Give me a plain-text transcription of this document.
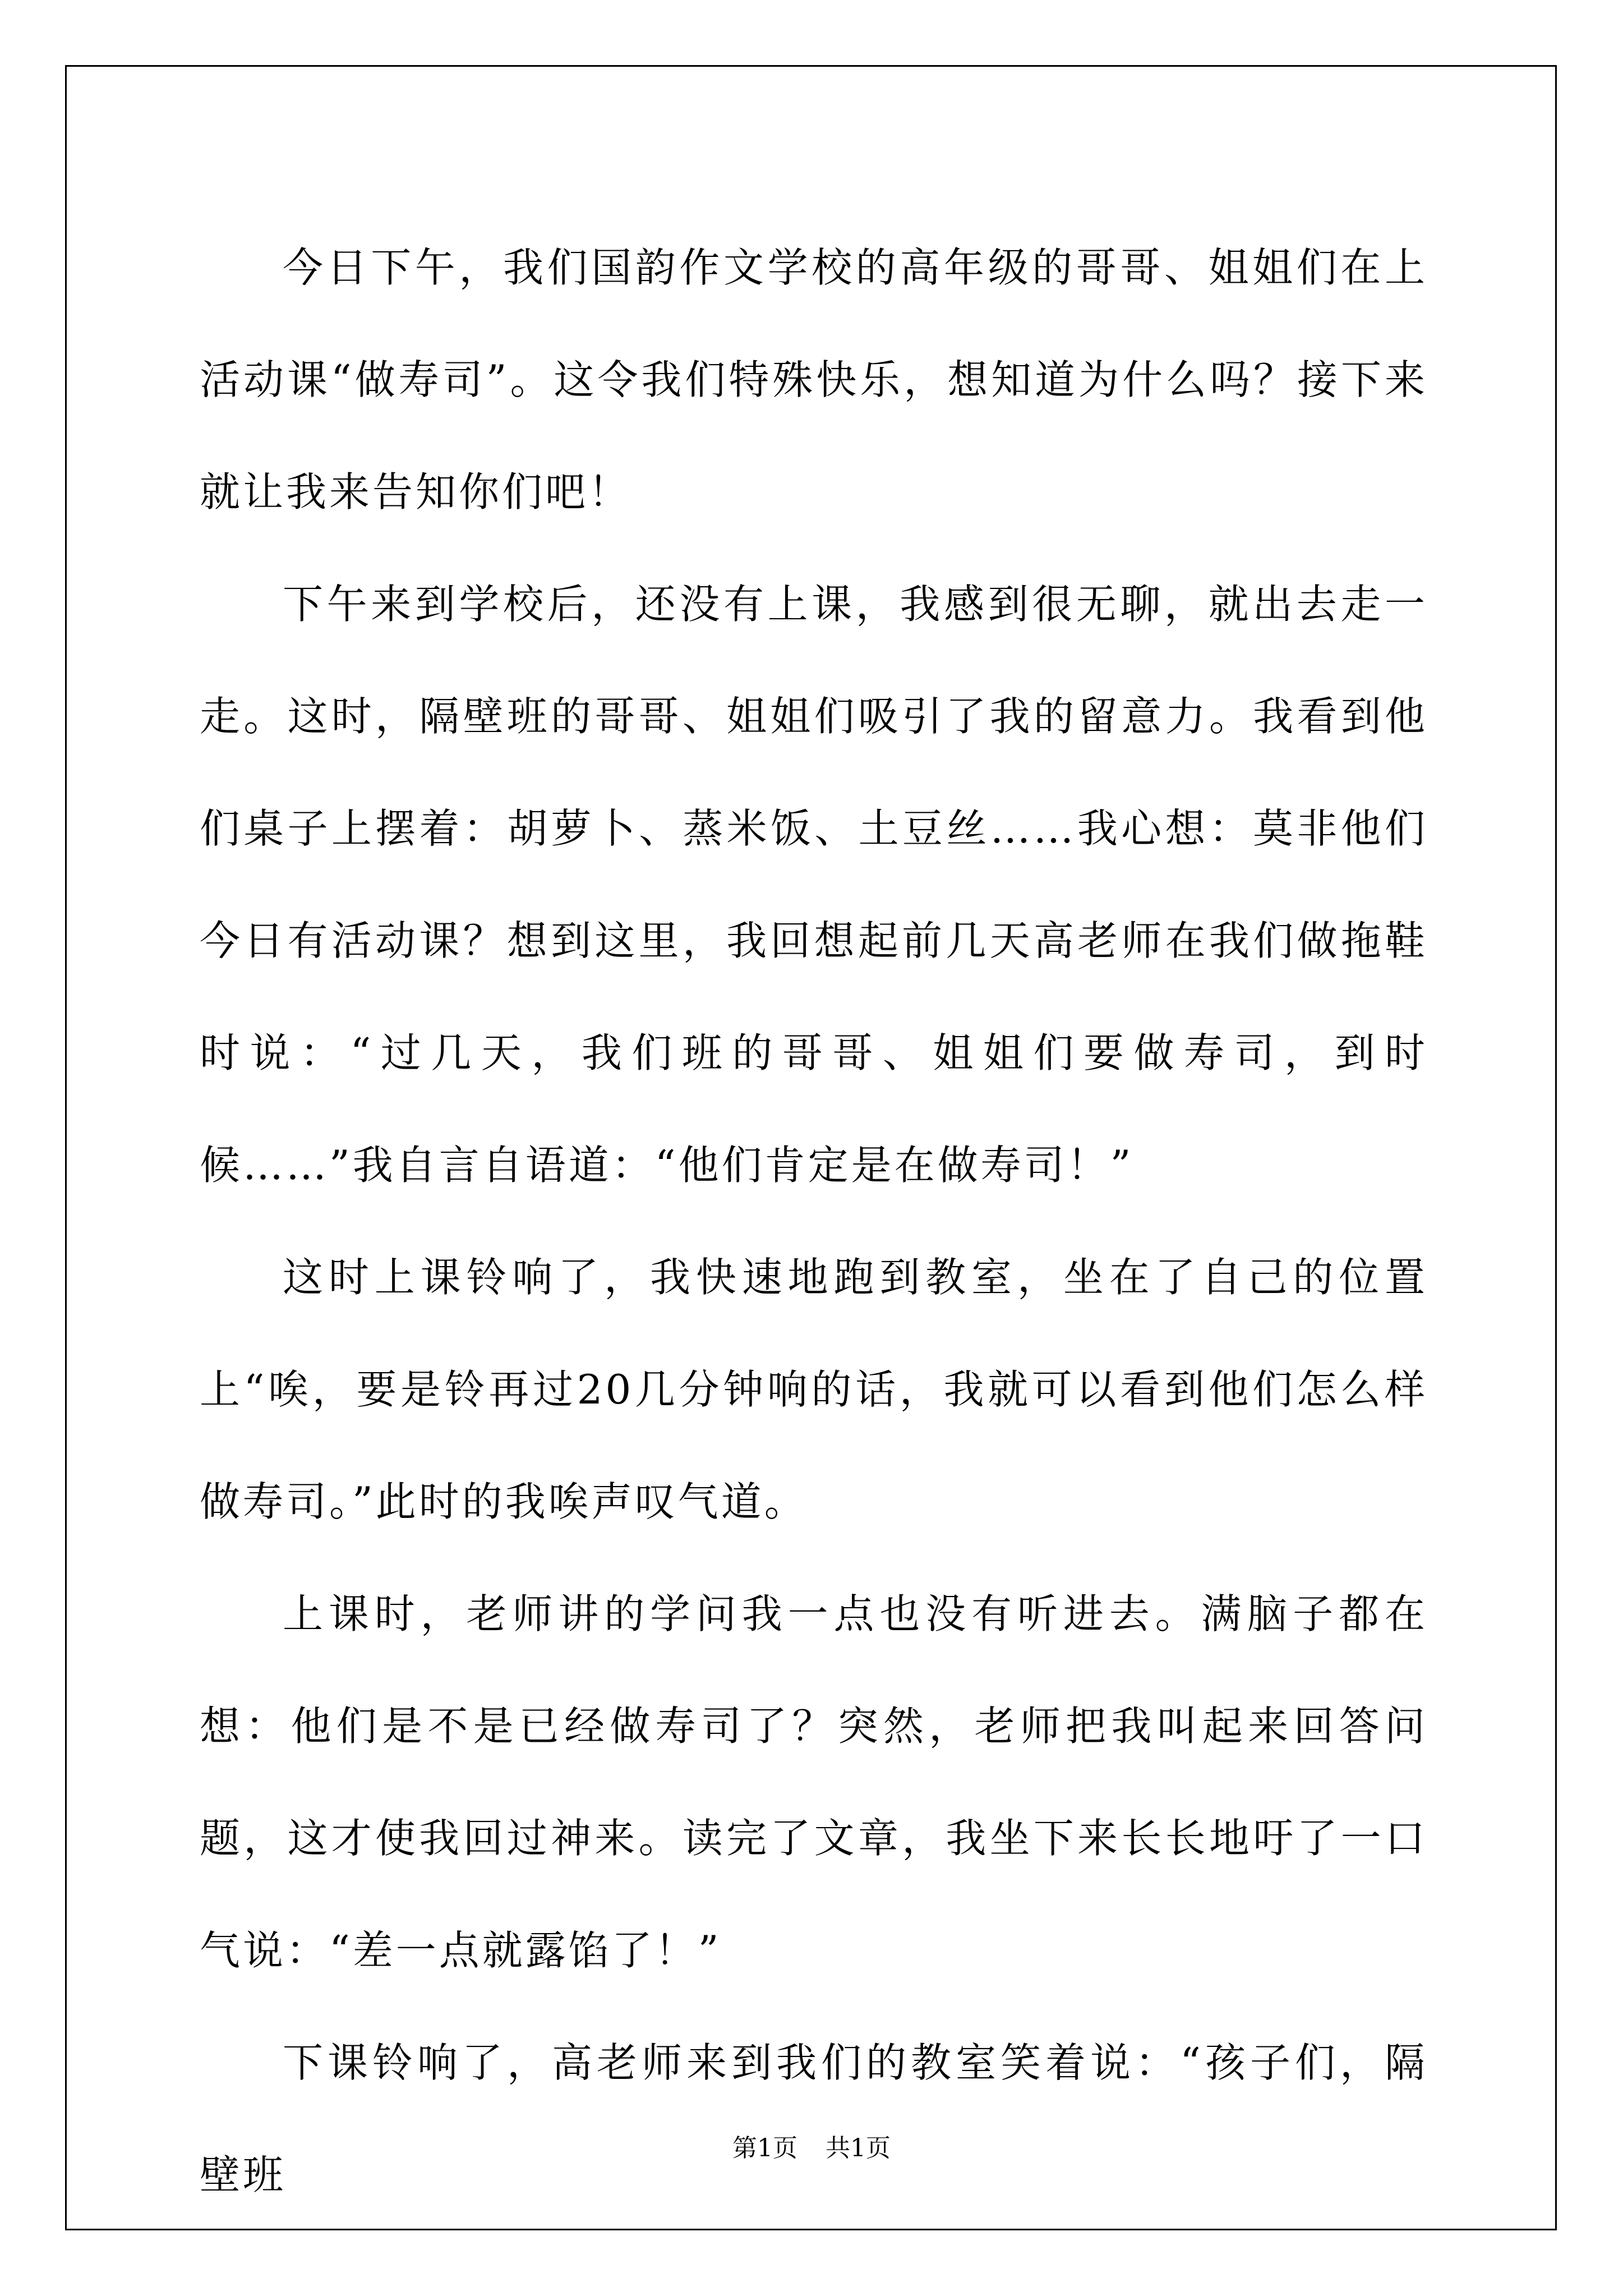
今日下午，我们国韵作文学校的高年级的哥哥、姐姐们在上活动课“做寿司”。这令我们特殊快乐，想知道为什么吗？接下来就让我来告知你们吧！

下午来到学校后，还没有上课，我感到很无聊，就出去走一走。这时，隔壁班的哥哥、姐姐们吸引了我的留意力。我看到他们桌子上摆着：胡萝卜、蒸米饭、土豆丝……我心想：莫非他们今日有活动课？想到这里，我回想起前几天高老师在我们做拖鞋时说：“过几天，我们班的哥哥、姐姐们要做寿司，到时候……”我自言自语道：“他们肯定是在做寿司！”

这时上课铃响了，我快速地跑到教室，坐在了自己的位置上“唉，要是铃再过20几分钟响的话，我就可以看到他们怎么样做寿司。”此时的我唉声叹气道。

上课时，老师讲的学问我一点也没有听进去。满脑子都在想：他们是不是已经做寿司了？突然，老师把我叫起来回答问题，这才使我回过神来。读完了文章，我坐下来长长地吁了一口气说：“差一点就露馅了！”

下课铃响了，高老师来到我们的教室笑着说：“孩子们，隔壁班

第1页 共1页
